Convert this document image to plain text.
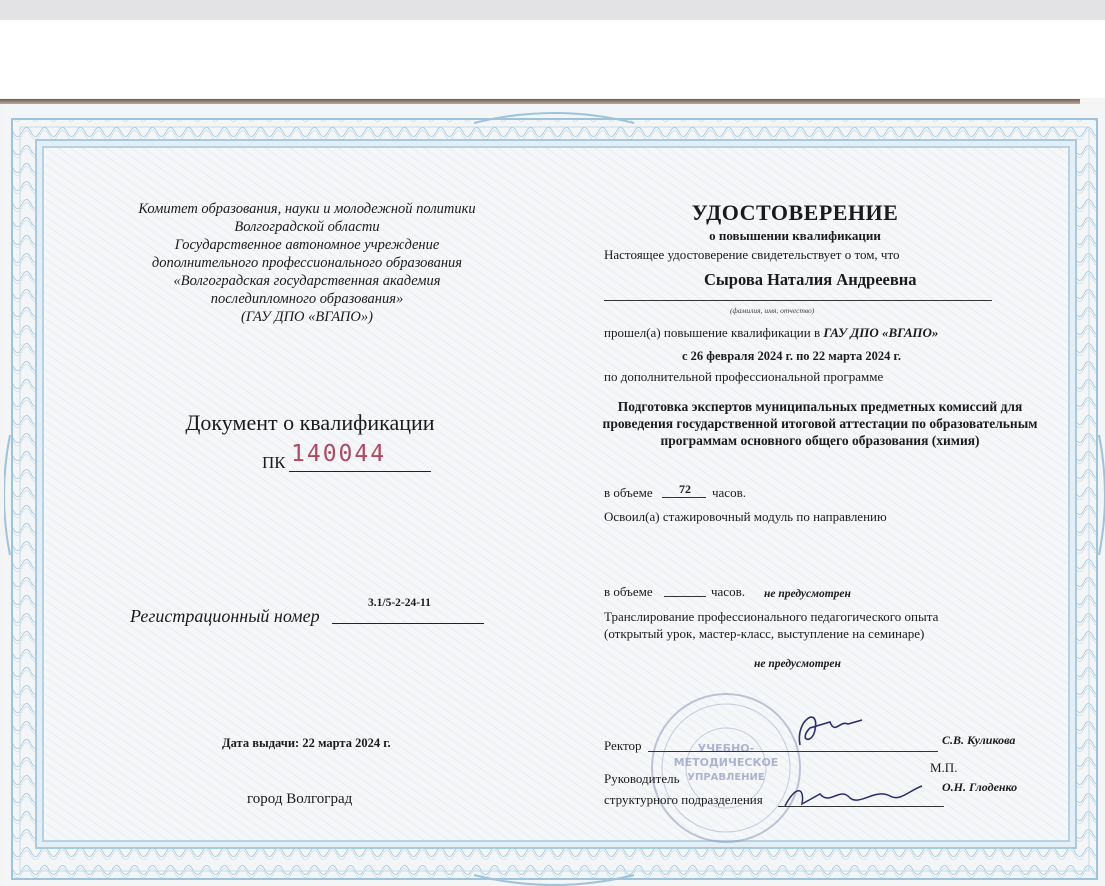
Комитет образования, науки и молодежной политики
Волгоградской области
Государственное автономное учреждение
дополнительного профессионального образования
«Волгоградская государственная академия
последипломного образования»
(ГАУ ДПО «ВГАПО»)
Документ о квалификации
ПК 140044
Регистрационный номер
3.1/5-2-24-11
Дата выдачи: 22 марта 2024 г.
город Волгоград
УДОСТОВЕРЕНИЕ
о повышении квалификации
Настоящее удостоверение свидетельствует о том, что
Сырова Наталия Андреевна
(фамилия, имя, отчество)
прошел(а) повышение квалификации в ГАУ ДПО «ВГАПО»
с 26 февраля 2024 г. по 22 марта 2024 г.
по дополнительной профессиональной программе
Подготовка экспертов муниципальных предметных комиссий для проведения государственной итоговой аттестации по образовательным программам основного общего образования (химия)
в объеме 72 часов.
Освоил(а) стажировочный модуль по направлению
в объеме	часов. не предусмотрен
Транслирование профессионального педагогического опыта
(открытый урок, мастер-класс, выступление на семинаре)
не предусмотрен
УЧЕБНО-
МЕТОДИЧЕСКОЕ
УПРАВЛЕНИЕ
Ректор	С.В. Куликова
М.П.
Руководитель
структурного подразделения
О.Н. Глоденко
